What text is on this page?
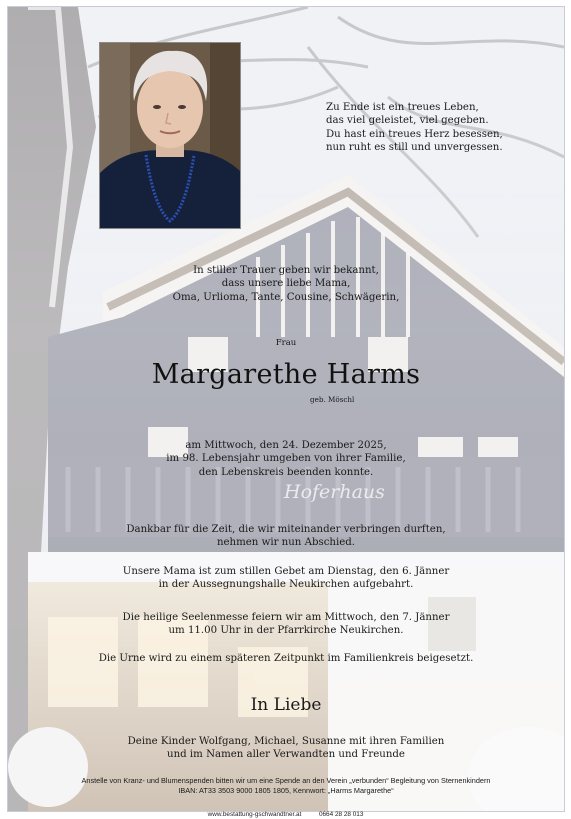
Zu Ende ist ein treues Leben,
das viel geleistet, viel gegeben.
Du hast ein treues Herz besessen,
nun ruht es still und unvergessen.
In stiller Trauer geben wir bekannt,
dass unsere liebe Mama,
Oma, Urlioma, Tante, Cousine, Schwägerin,
Frau
Margarethe Harms
geb. Möschl
am Mittwoch, den 24. Dezember 2025,
im 98. Lebensjahr umgeben von ihrer Familie,
den Lebenskreis beenden konnte.
Hoferhaus
Dankbar für die Zeit, die wir miteinander verbringen durften,
nehmen wir nun Abschied.
Unsere Mama ist zum stillen Gebet am Dienstag, den 6. Jänner
in der Aussegnungshalle Neukirchen aufgebahrt.
Die heilige Seelenmesse feiern wir am Mittwoch, den 7. Jänner
um 11.00 Uhr in der Pfarrkirche Neukirchen.
Die Urne wird zu einem späteren Zeitpunkt im Familienkreis beigesetzt.
In Liebe
Deine Kinder Wolfgang, Michael, Susanne mit ihren Familien
und im Namen aller Verwandten und Freunde
Anstelle von Kranz- und Blumenspenden bitten wir um eine Spende an den Verein „verbunden“ Begleitung von Sternenkindern
IBAN: AT33 3503 9000 1805 1805, Kennwort: „Harms Margarethe“
www.bestattung-gschwandtner.at	0664 28 28 013
